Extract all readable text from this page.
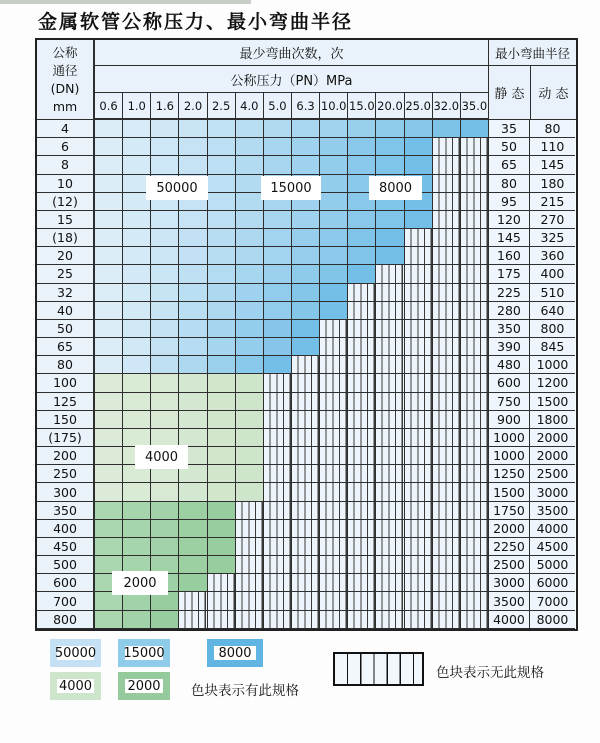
金属软管公称压力、最小弯曲半径
公称
通径
(DN)
mm
最少弯曲次数，次	最小弯曲半径
公称压力（PN）MPa
静 态	动 态
0.6 1.0 1.6 2.0 2.5 4.0 5.0 6.3 10.0 15.0 20.0 25.0 32.0 35.0
4	35	80
6	50	110
8	65	145
10	80	180
(12)	95	215
15	120	270
(18)	145	325
20	160	360
25	175	400
32	225	510
40	280	640
50	350	800
65	390	845
80	480	1000
100	600	1200
125	750	1500
150	900	1800
(175)	1000 2000
200	1000 2000
250	1250 2500
300	1500 3000
350	1750 3500
400	2000 4000
450	2250 4500
500	2500 5000
600	3000 6000
700	3500 7000
800	4000 8000
50000	15000	8000
4000
2000
50000 15000	8000
4000	2000 色块表示有此规格
色块表示无此规格
